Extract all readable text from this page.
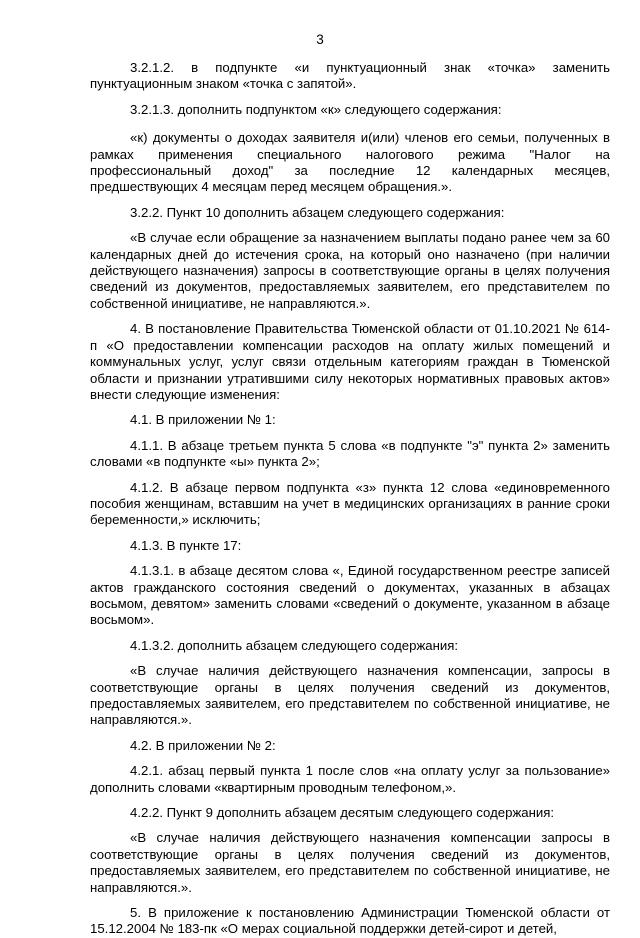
3

3.2.1.2. в подпункте «и пунктуационный знак «точка» заменить пунктуационным знаком «точка с запятой».

3.2.1.3. дополнить подпунктом «к» следующего содержания:

«к) документы о доходах заявителя и(или) членов его семьи, полученных в рамках применения специального налогового режима "Налог на профессиональный доход" за последние 12 календарных месяцев, предшествующих 4 месяцам перед месяцем обращения.».

3.2.2. Пункт 10 дополнить абзацем следующего содержания:

«В случае если обращение за назначением выплаты подано ранее чем за 60 календарных дней до истечения срока, на который оно назначено (при наличии действующего назначения) запросы в соответствующие органы в целях получения сведений из документов, предоставляемых заявителем, его представителем по собственной инициативе, не направляются.».

4. В постановление Правительства Тюменской области от 01.10.2021 № 614-п «О предоставлении компенсации расходов на оплату жилых помещений и коммунальных услуг, услуг связи отдельным категориям граждан в Тюменской области и признании утратившими силу некоторых нормативных правовых актов» внести следующие изменения:

4.1. В приложении № 1:

4.1.1. В абзаце третьем пункта 5 слова «в подпункте "э" пункта 2» заменить словами «в подпункте «ы» пункта 2»;

4.1.2. В абзаце первом подпункта «з» пункта 12 слова «единовременного пособия женщинам, вставшим на учет в медицинских организациях в ранние сроки беременности,» исключить;

4.1.3. В пункте 17:

4.1.3.1. в абзаце десятом слова «, Единой государственном реестре записей актов гражданского состояния сведений о документах, указанных в абзацах восьмом, девятом» заменить словами «сведений о документе, указанном в абзаце восьмом».

4.1.3.2. дополнить абзацем следующего содержания:

«В случае наличия действующего назначения компенсации, запросы в соответствующие органы в целях получения сведений из документов, предоставляемых заявителем, его представителем по собственной инициативе, не направляются.».

4.2. В приложении № 2:

4.2.1. абзац первый пункта 1 после слов «на оплату услуг за пользование» дополнить словами «квартирным проводным телефоном,».

4.2.2. Пункт 9 дополнить абзацем десятым следующего содержания:

«В случае наличия действующего назначения компенсации запросы в соответствующие органы в целях получения сведений из документов, предоставляемых заявителем, его представителем по собственной инициативе, не направляются.».

5. В приложение к постановлению Администрации Тюменской области от 15.12.2004 № 183-пк «О мерах социальной поддержки детей-сирот и детей,
